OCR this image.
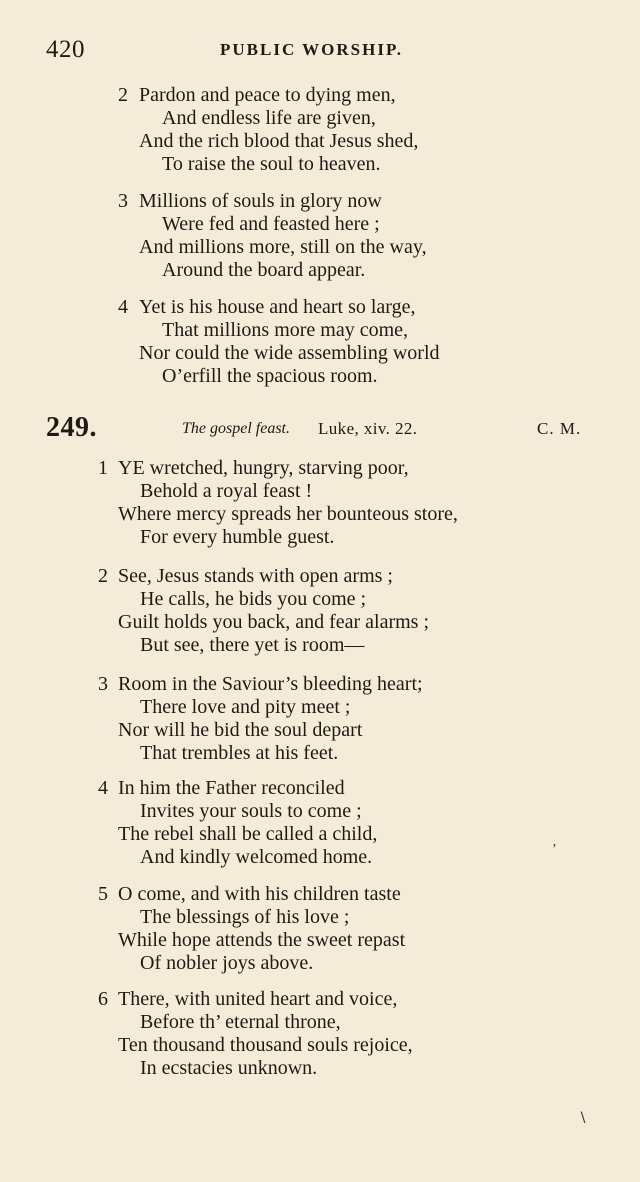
420	PUBLIC WORSHIP.
2 Pardon and peace to dying men,
And endless life are given,
And the rich blood that Jesus shed,
To raise the soul to heaven.
3 Millions of souls in glory now
Were fed and feasted here ;
And millions more, still on the way,
Around the board appear.
4 Yet is his house and heart so large,
That millions more may come,
Nor could the wide assembling world
O’erfill the spacious room.
249.	The gospel feast. Luke, xiv. 22.	C. M.
1 YE wretched, hungry, starving poor,
Behold a royal feast !
Where mercy spreads her bounteous store,
For every humble guest.
2 See, Jesus stands with open arms ;
He calls, he bids you come ;
Guilt holds you back, and fear alarms ;
But see, there yet is room—
3 Room in the Saviour’s bleeding heart;
There love and pity meet ;
Nor will he bid the soul depart
That trembles at his feet.
4 In him the Father reconciled
Invites your souls to come ;
The rebel shall be called a child,
And kindly welcomed home.
5 O come, and with his children taste
The blessings of his love ;
While hope attends the sweet repast
Of nobler joys above.
6 There, with united heart and voice,
Before th’ eternal throne,
Ten thousand thousand souls rejoice,
In ecstacies unknown.
’
∖
